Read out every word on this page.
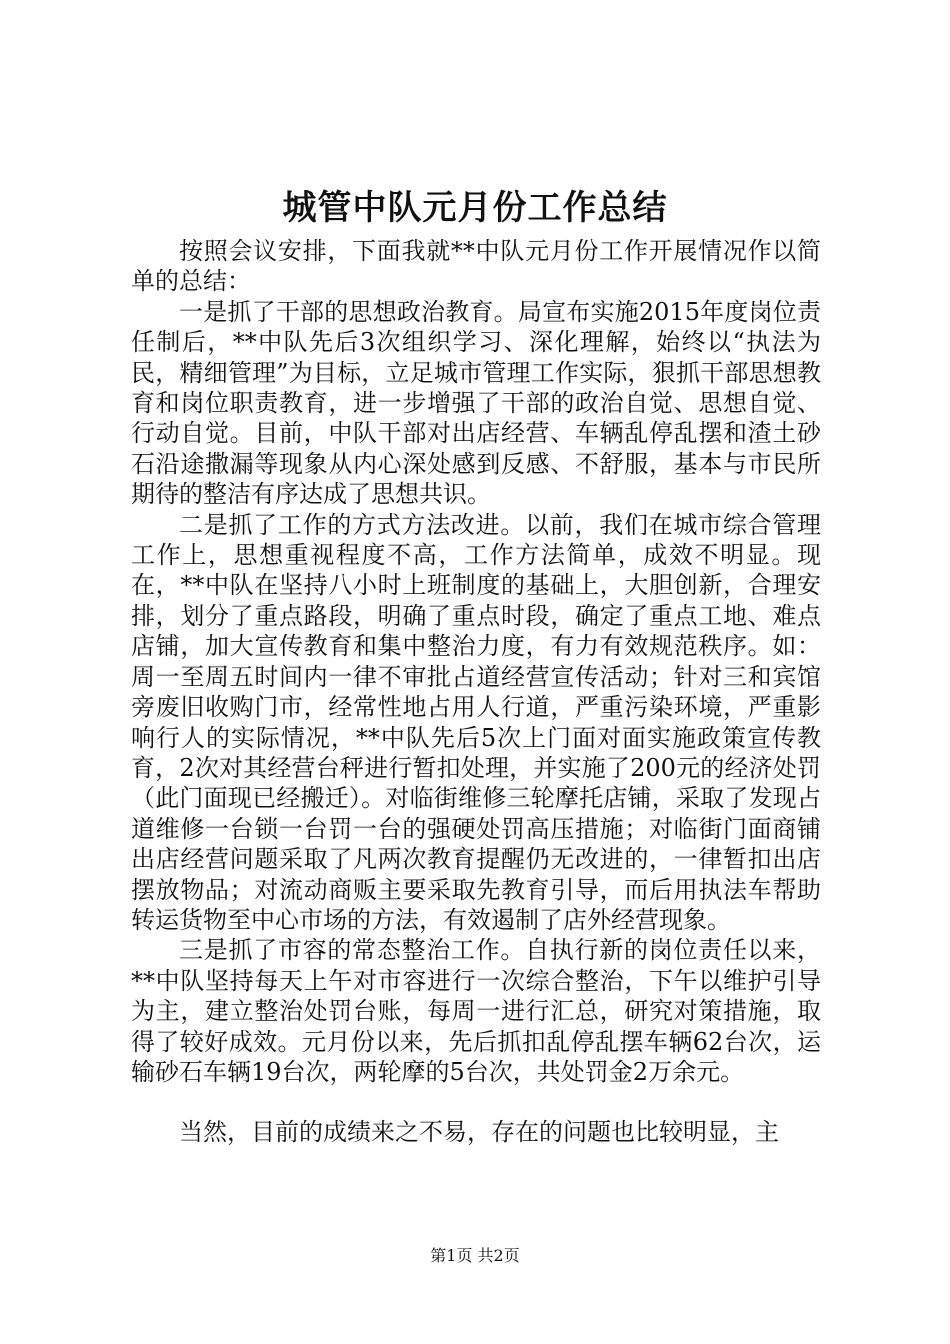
城管中队元月份工作总结

按照会议安排，下面我就**中队元月份工作开展情况作以简单的总结：

一是抓了干部的思想政治教育。局宣布实施2015年度岗位责任制后，**中队先后3次组织学习、深化理解，始终以“执法为民，精细管理”为目标，立足城市管理工作实际，狠抓干部思想教育和岗位职责教育，进一步增强了干部的政治自觉、思想自觉、行动自觉。目前，中队干部对出店经营、车辆乱停乱摆和渣土砂石沿途撒漏等现象从内心深处感到反感、不舒服，基本与市民所期待的整洁有序达成了思想共识。

二是抓了工作的方式方法改进。以前，我们在城市综合管理工作上，思想重视程度不高，工作方法简单，成效不明显。现在，**中队在坚持八小时上班制度的基础上，大胆创新，合理安排，划分了重点路段，明确了重点时段，确定了重点工地、难点店铺，加大宣传教育和集中整治力度，有力有效规范秩序。如：周一至周五时间内一律不审批占道经营宣传活动；针对三和宾馆旁废旧收购门市，经常性地占用人行道，严重污染环境，严重影响行人的实际情况，**中队先后5次上门面对面实施政策宣传教育，2次对其经营台秤进行暂扣处理，并实施了200元的经济处罚（此门面现已经搬迁）。对临街维修三轮摩托店铺，采取了发现占道维修一台锁一台罚一台的强硬处罚高压措施；对临街门面商铺出店经营问题采取了凡两次教育提醒仍无改进的，一律暂扣出店摆放物品；对流动商贩主要采取先教育引导，而后用执法车帮助转运货物至中心市场的方法，有效遏制了店外经营现象。

三是抓了市容的常态整治工作。自执行新的岗位责任以来，**中队坚持每天上午对市容进行一次综合整治，下午以维护引导为主，建立整治处罚台账，每周一进行汇总，研究对策措施，取得了较好成效。元月份以来，先后抓扣乱停乱摆车辆62台次，运输砂石车辆19台次，两轮摩的5台次，共处罚金2万余元。

当然，目前的成绩来之不易，存在的问题也比较明显，主

第1页 共2页
